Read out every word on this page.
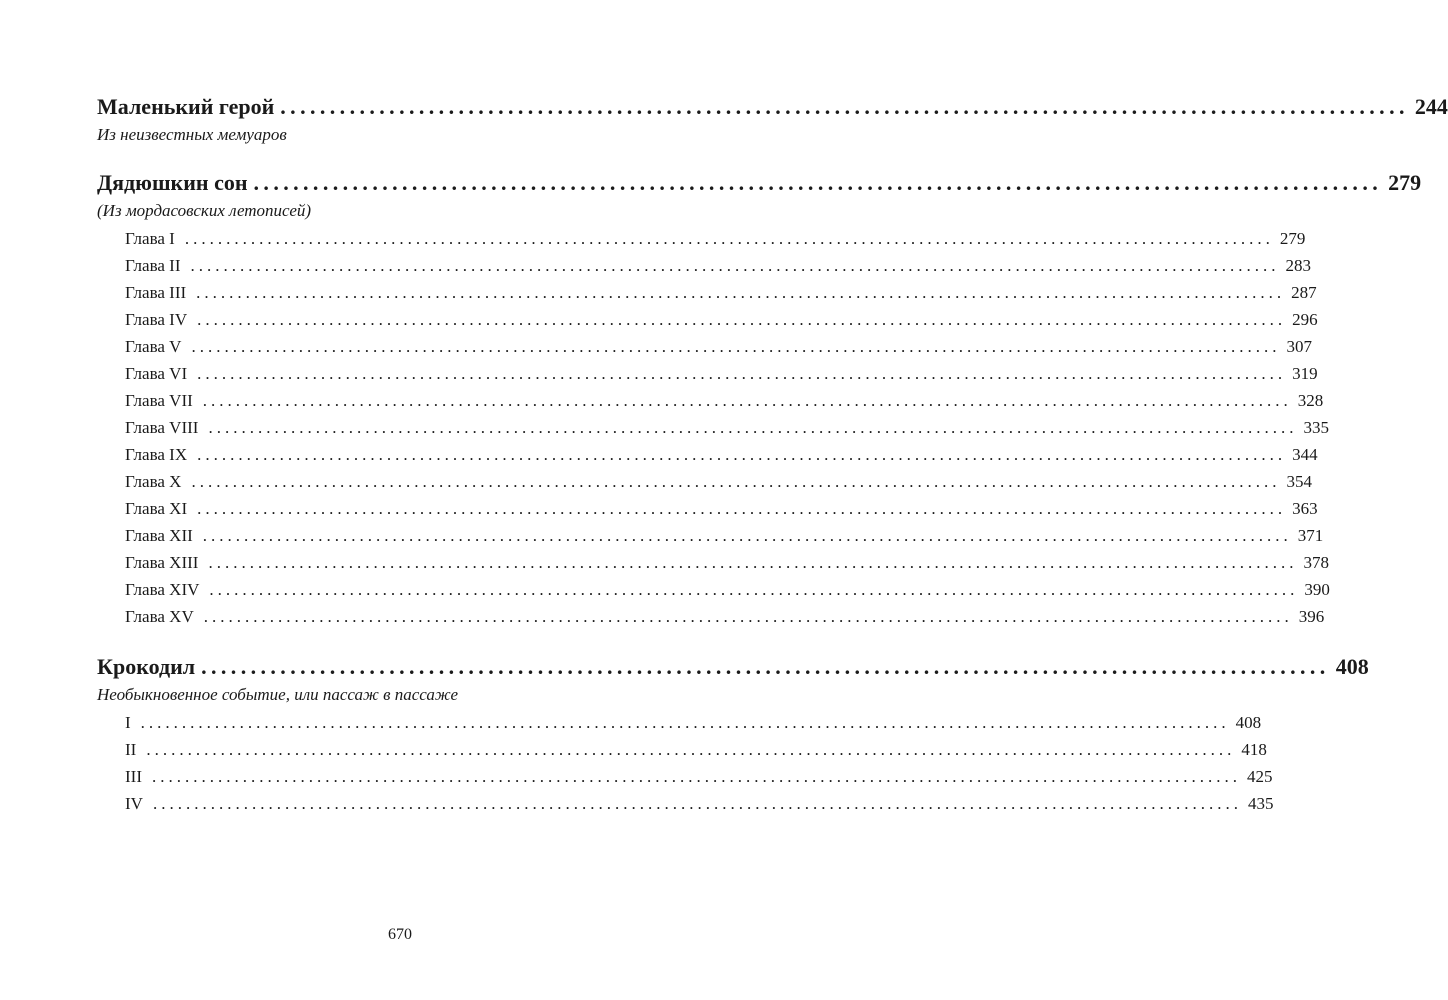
Маленький герой .................................................................................................................. 244
Из неизвестных мемуаров
Дядюшкин сон .................................................................................................................. 279
(Из мордасовских летописей)
Глава I .................................................................................................................................... 279
Глава II .................................................................................................................................... 283
Глава III .................................................................................................................................... 287
Глава IV .................................................................................................................................... 296
Глава V .................................................................................................................................... 307
Глава VI .................................................................................................................................... 319
Глава VII .................................................................................................................................... 328
Глава VIII .................................................................................................................................... 335
Глава IX .................................................................................................................................... 344
Глава X .................................................................................................................................... 354
Глава XI .................................................................................................................................... 363
Глава XII .................................................................................................................................... 371
Глава XIII .................................................................................................................................... 378
Глава XIV .................................................................................................................................... 390
Глава XV .................................................................................................................................... 396
Крокодил .................................................................................................................. 408
Необыкновенное событие, или пассаж в пассаже
I .................................................................................................................................... 408
II .................................................................................................................................... 418
III .................................................................................................................................... 425
IV .................................................................................................................................... 435
670
